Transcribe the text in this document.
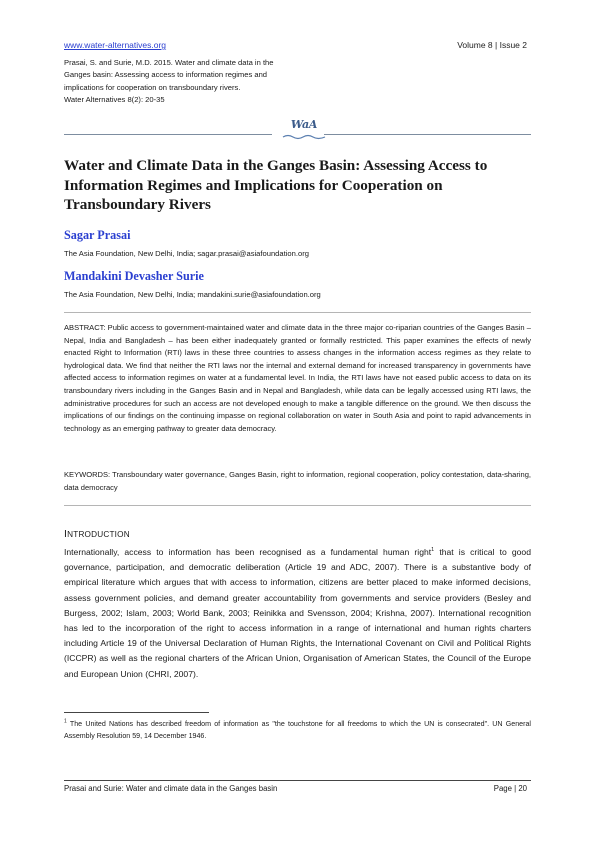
www.water-alternatives.org	Volume 8 | Issue 2
Prasai, S. and Surie, M.D. 2015. Water and climate data in the
Ganges basin: Assessing access to information regimes and
implications for cooperation on transboundary rivers.
Water Alternatives 8(2): 20-35
WaA
Water and Climate Data in the Ganges Basin: Assessing Access to Information Regimes and Implications for Cooperation on Transboundary Rivers
Sagar Prasai
The Asia Foundation, New Delhi, India; sagar.prasai@asiafoundation.org
Mandakini Devasher Surie
The Asia Foundation, New Delhi, India; mandakini.surie@asiafoundation.org

ABSTRACT: Public access to government-maintained water and climate data in the three major co-riparian countries of the Ganges Basin – Nepal, India and Bangladesh – has been either inadequately granted or formally restricted. This paper examines the effects of newly enacted Right to Information (RTI) laws in these three countries to assess changes in the information access regimes as they relate to hydrological data. We find that neither the RTI laws nor the internal and external demand for increased transparency in governments have affected access to information regimes on water at a fundamental level. In India, the RTI laws have not eased public access to data on its transboundary rivers including in the Ganges Basin and in Nepal and Bangladesh, while data can be legally accessed using RTI laws, the administrative procedures for such an access are not developed enough to make a tangible difference on the ground. We then discuss the implications of our findings on the continuing impasse on regional collaboration on water in South Asia and point to rapid advancements in technology as an emerging pathway to greater data democracy.

KEYWORDS: Transboundary water governance, Ganges Basin, right to information, regional cooperation, policy contestation, data-sharing, data democracy

INTRODUCTION

Internationally, access to information has been recognised as a fundamental human right$^1$ that is critical to good governance, participation, and democratic deliberation (Article 19 and ADC, 2007). There is a substantive body of empirical literature which argues that with access to information, citizens are better placed to make informed decisions, assess government policies, and demand greater accountability from governments and service providers (Besley and Burgess, 2002; Islam, 2003; World Bank, 2003; Reinikka and Svensson, 2004; Krishna, 2007). International recognition has led to the incorporation of the right to access information in a range of international and human rights charters including Article 19 of the Universal Declaration of Human Rights, the International Covenant on Civil and Political Rights (ICCPR) as well as the regional charters of the African Union, Organisation of American States, the Council of the Europe and European Union (CHRI, 2007).

$^1$ The United Nations has described freedom of information as "the touchstone for all freedoms to which the UN is consecrated". UN General Assembly Resolution 59, 14 December 1946.

Prasai and Surie: Water and climate data in the Ganges basin	Page | 20
